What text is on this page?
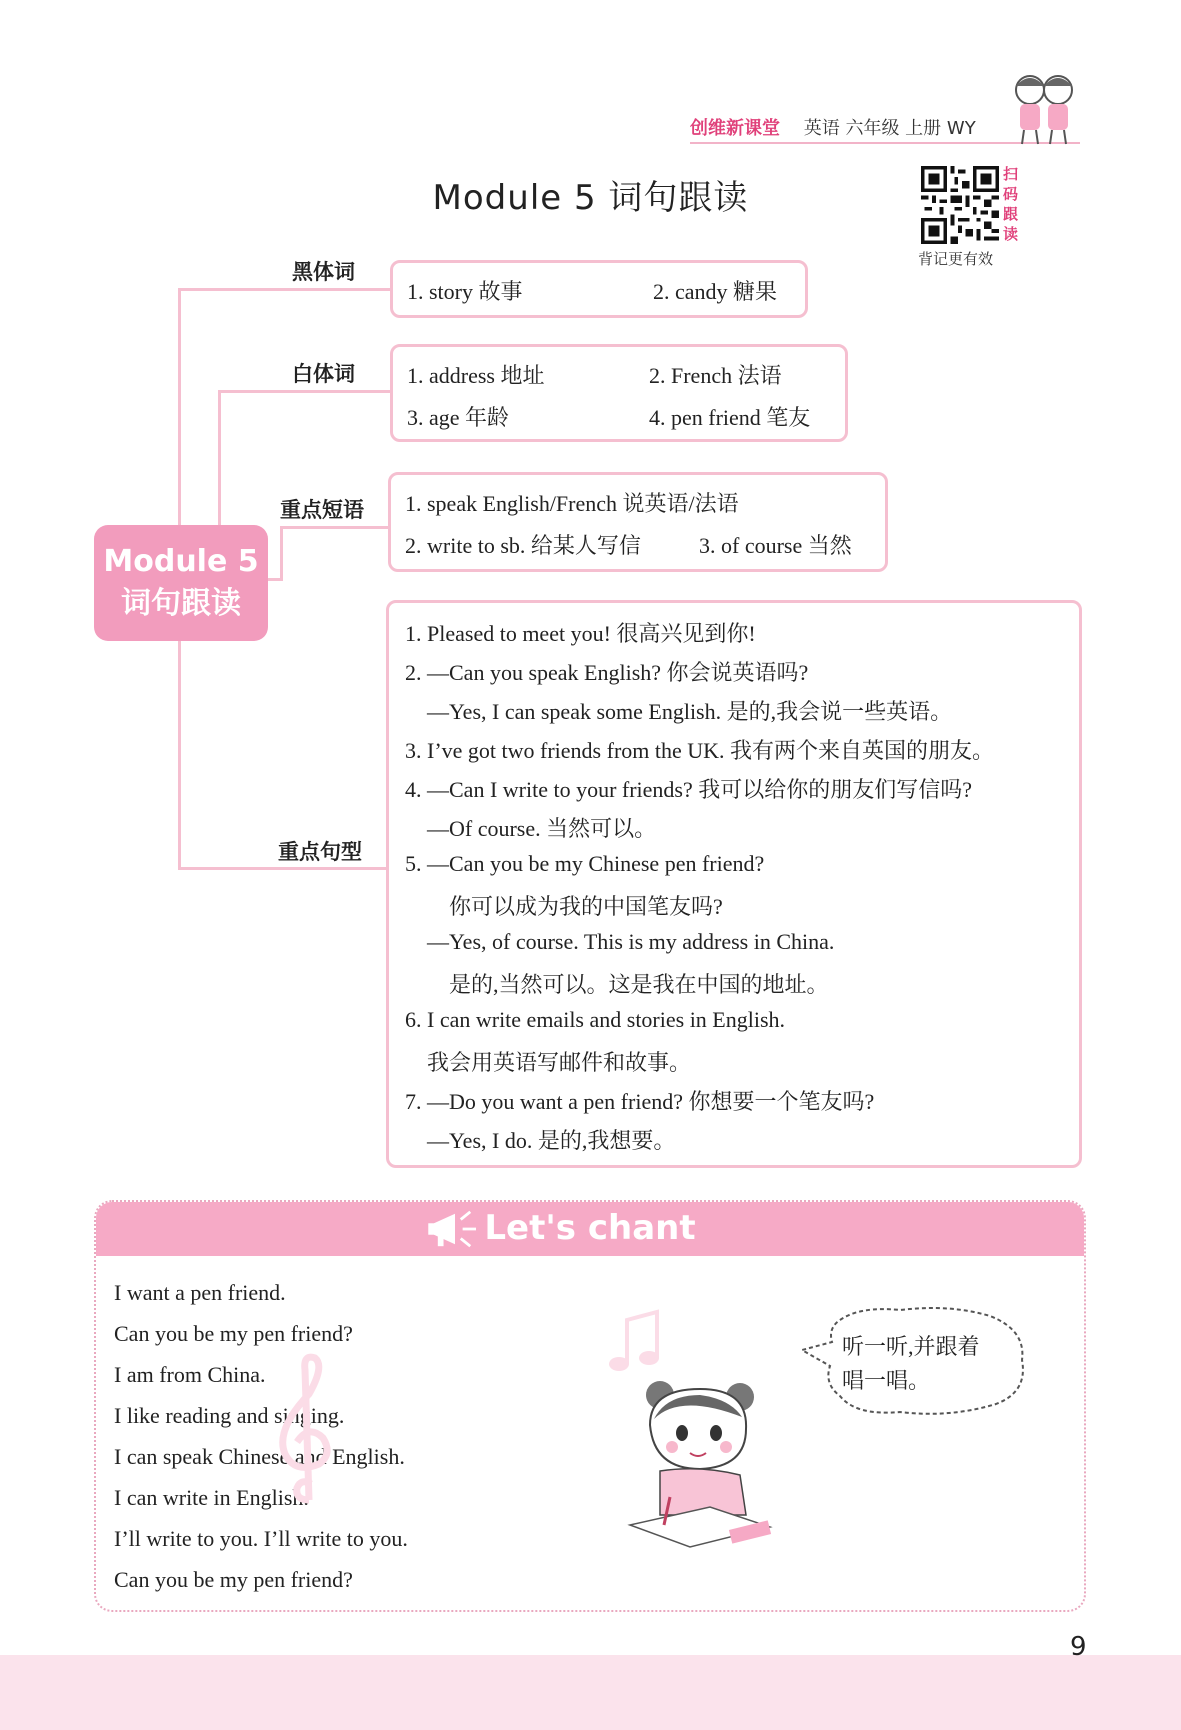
创维新课堂 英语 六年级 上册 WY
Module 5 词句跟读
扫码跟读
背记更有效
黑体词
白体词
重点短语
重点句型
Module 5
词句跟读
1. story 故事	2. candy 糖果
1. address 地址	2. French 法语
3. age 年龄	4. pen friend 笔友
1. speak English/French 说英语/法语
2. write to sb. 给某人写信	3. of course 当然
1. Pleased to meet you! 很高兴见到你!
2. —Can you speak English? 你会说英语吗?
—Yes, I can speak some English. 是的,我会说一些英语。
3. I’ve got two friends from the UK. 我有两个来自英国的朋友。
4. —Can I write to your friends? 我可以给你的朋友们写信吗?
—Of course. 当然可以。
5. —Can you be my Chinese pen friend?
你可以成为我的中国笔友吗?
—Yes, of course. This is my address in China.
是的,当然可以。这是我在中国的地址。
6. I can write emails and stories in English.
我会用英语写邮件和故事。
7. —Do you want a pen friend? 你想要一个笔友吗?
—Yes, I do. 是的,我想要。
Let's chant
I want a pen friend.
Can you be my pen friend?
I am from China.
I like reading and singing.
I can speak Chinese and English.
I can write in English.
I’ll write to you. I’ll write to you.
Can you be my pen friend?
听一听,并跟着
唱一唱。
9
